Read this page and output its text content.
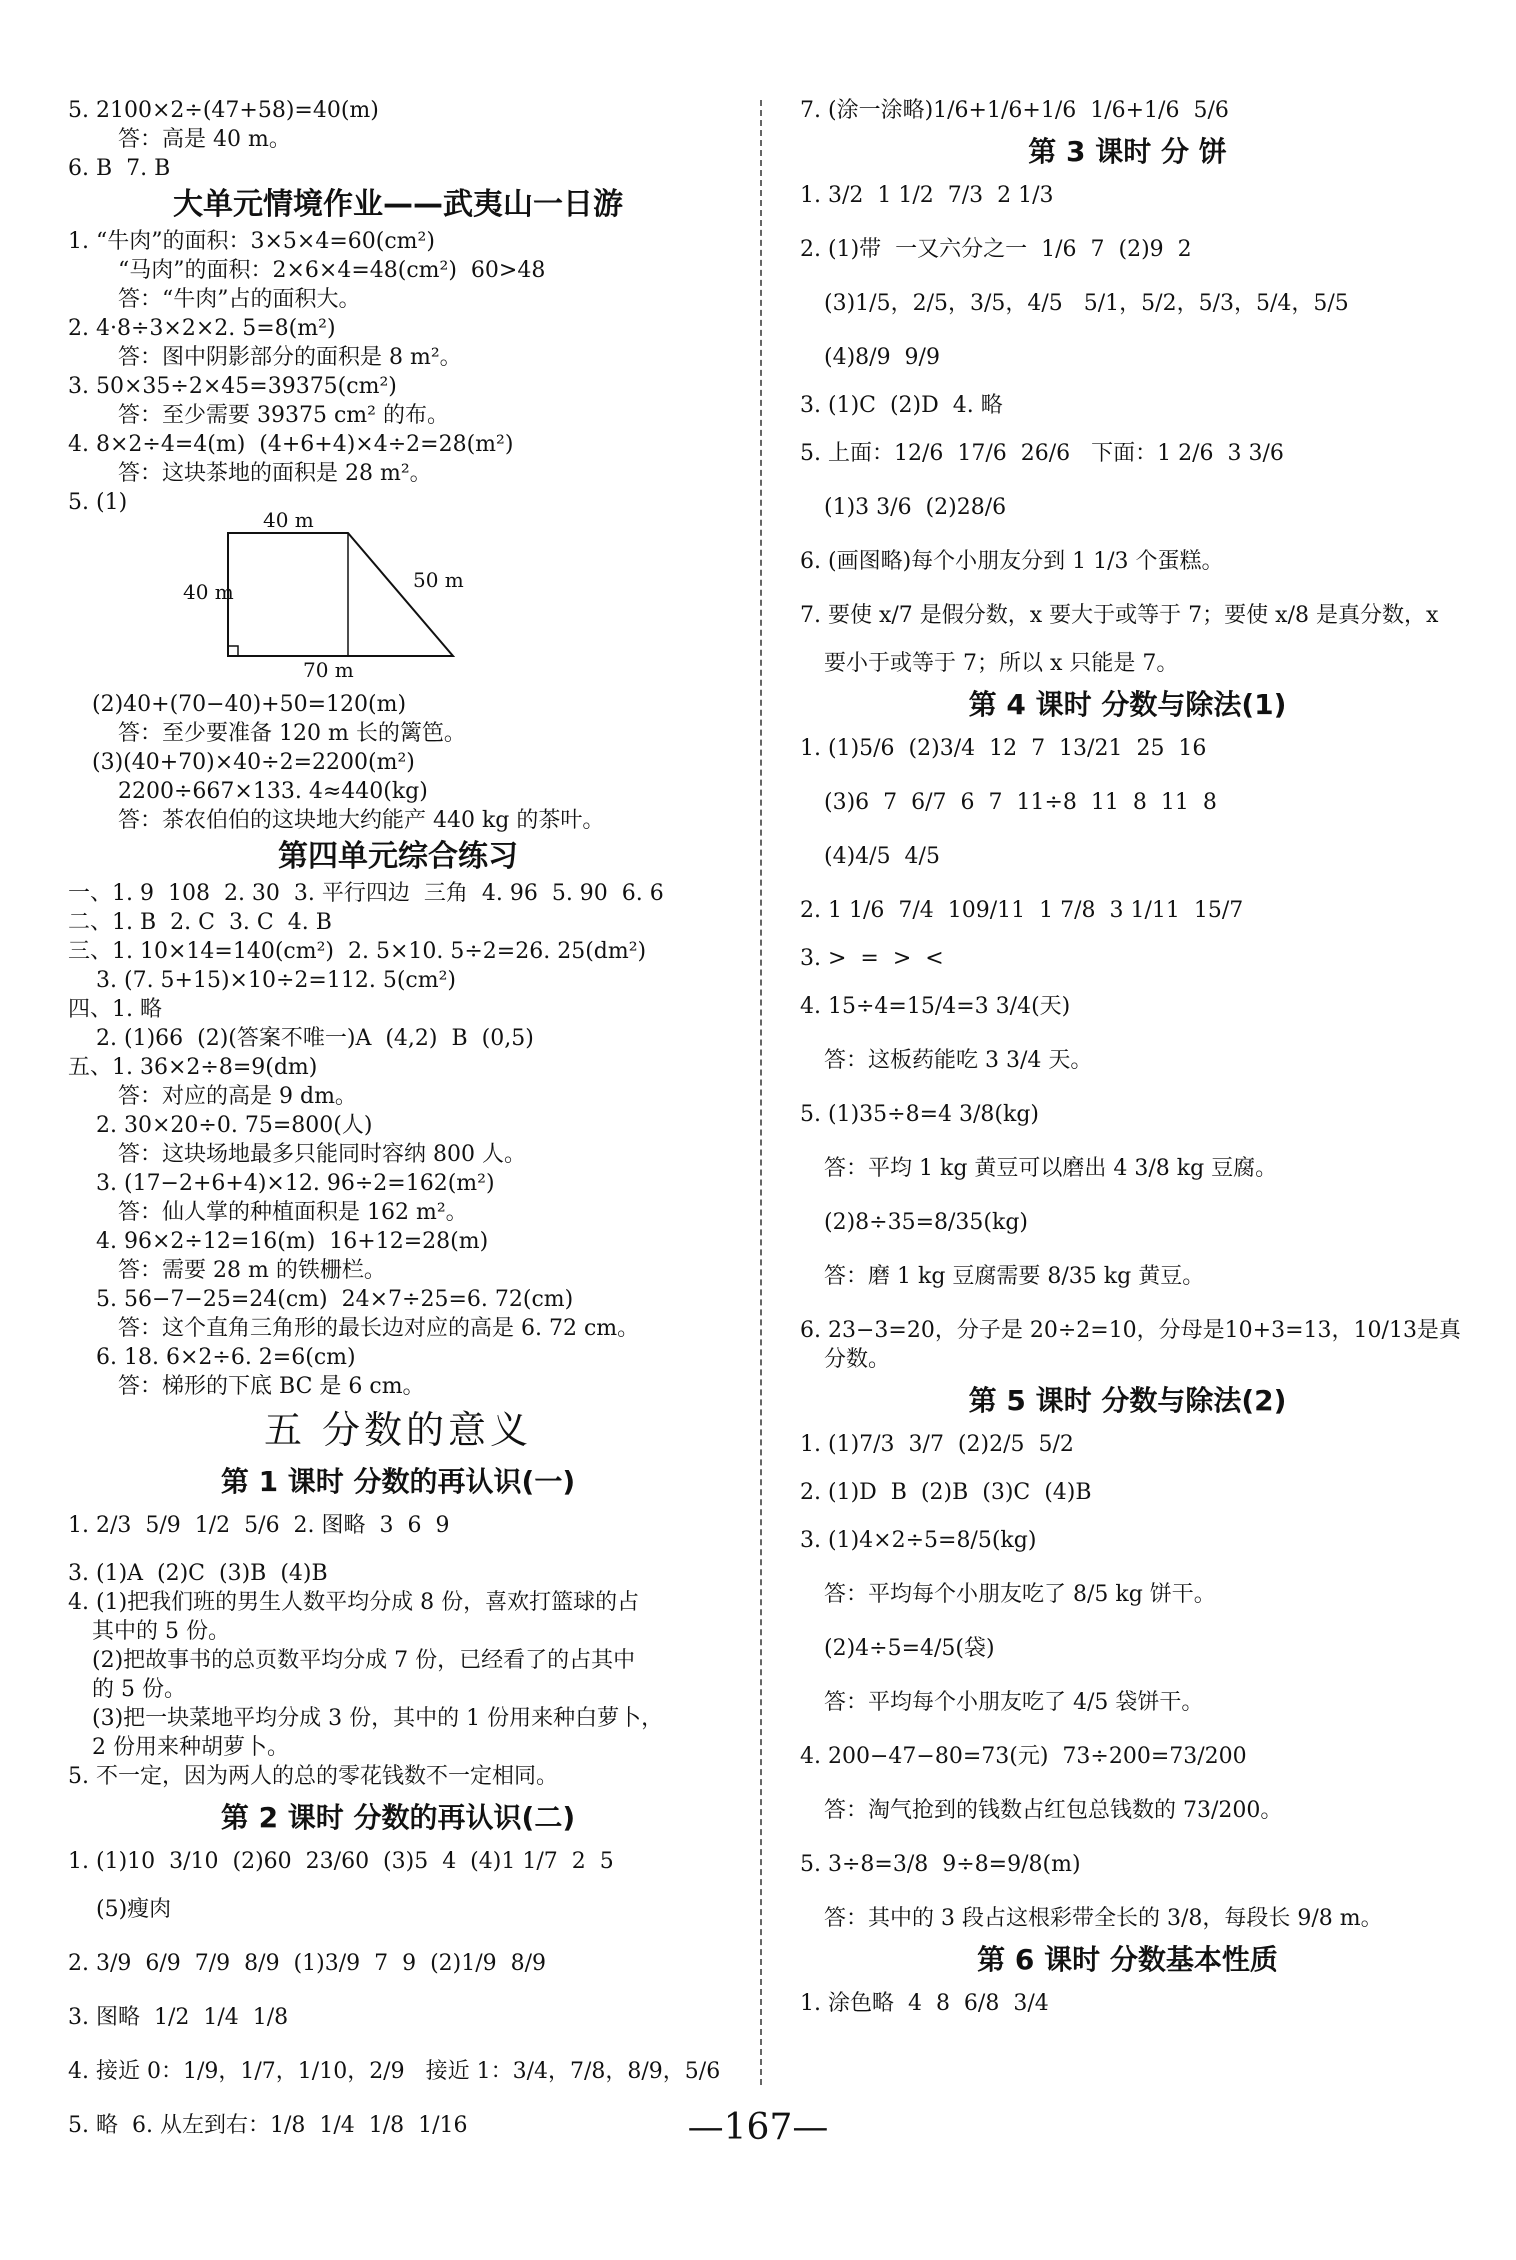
5. 2100×2÷(47+58)=40(m)
答：高是 40 m。
6. B  7. B
大单元情境作业——武夷山一日游
1. “牛肉”的面积：3×5×4=60(cm²)
“马肉”的面积：2×6×4=48(cm²)  60>48
答：“牛肉”占的面积大。
2. 4·8÷3×2×2. 5=8(m²)
答：图中阴影部分的面积是 8 m²。
3. 50×35÷2×45=39375(cm²)
答：至少需要 39375 cm² 的布。
4. 8×2÷4=4(m)  (4+6+4)×4÷2=28(m²)
答：这块茶地的面积是 28 m²。
5. (1)
40 m
40 m	50 m
70 m
(2)40+(70−40)+50=120(m)
答：至少要准备 120 m 长的篱笆。
(3)(40+70)×40÷2=2200(m²)
2200÷667×133. 4≈440(kg)
答：茶农伯伯的这块地大约能产 440 kg 的茶叶。
第四单元综合练习
一、1. 9  108  2. 30  3. 平行四边  三角  4. 96  5. 90  6. 6
二、1. B  2. C  3. C  4. B
三、1. 10×14=140(cm²)  2. 5×10. 5÷2=26. 25(dm²)
3. (7. 5+15)×10÷2=112. 5(cm²)
四、1. 略
2. (1)66  (2)(答案不唯一)A  (4,2)  B  (0,5)
五、1. 36×2÷8=9(dm)
答：对应的高是 9 dm。
2. 30×20÷0. 75=800(人)
答：这块场地最多只能同时容纳 800 人。
3. (17−2+6+4)×12. 96÷2=162(m²)
答：仙人掌的种植面积是 162 m²。
4. 96×2÷12=16(m)  16+12=28(m)
答：需要 28 m 的铁栅栏。
5. 56−7−25=24(cm)  24×7÷25=6. 72(cm)
答：这个直角三角形的最长边对应的高是 6. 72 cm。
6. 18. 6×2÷6. 2=6(cm)
答：梯形的下底 BC 是 6 cm。
五 分数的意义
第 1 课时 分数的再认识(一)
1. 2/3  5/9  1/2  5/6  2. 图略  3  6  9
3. (1)A  (2)C  (3)B  (4)B
4. (1)把我们班的男生人数平均分成 8 份，喜欢打篮球的占
其中的 5 份。
(2)把故事书的总页数平均分成 7 份，已经看了的占其中
的 5 份。
(3)把一块菜地平均分成 3 份，其中的 1 份用来种白萝卜，
2 份用来种胡萝卜。
5. 不一定，因为两人的总的零花钱数不一定相同。
第 2 课时 分数的再认识(二)
1. (1)10  3/10  (2)60  23/60  (3)5  4  (4)1 1/7  2  5
(5)瘦肉
2. 3/9  6/9  7/9  8/9  (1)3/9  7  9  (2)1/9  8/9
3. 图略  1/2  1/4  1/8
4. 接近 0：1/9，1/7，1/10，2/9   接近 1：3/4，7/8，8/9，5/6
5. 略  6. 从左到右：1/8  1/4  1/8  1/16
7. (涂一涂略)1/6+1/6+1/6  1/6+1/6  5/6
第 3 课时 分 饼
1. 3/2  1 1/2  7/3  2 1/3
2. (1)带  一又六分之一  1/6  7  (2)9  2
(3)1/5，2/5，3/5，4/5   5/1，5/2，5/3，5/4，5/5
(4)8/9  9/9
3. (1)C  (2)D  4. 略
5. 上面：12/6  17/6  26/6   下面：1 2/6  3 3/6
(1)3 3/6  (2)28/6
6. (画图略)每个小朋友分到 1 1/3 个蛋糕。
7. 要使 x/7 是假分数，x 要大于或等于 7；要使 x/8 是真分数，x
要小于或等于 7；所以 x 只能是 7。
第 4 课时 分数与除法(1)
1. (1)5/6  (2)3/4  12  7  13/21  25  16
(3)6  7  6/7  6  7  11÷8  11  8  11  8
(4)4/5  4/5
2. 1 1/6  7/4  109/11  1 7/8  3 1/11  15/7
3. >  =  >  <
4. 15÷4=15/4=3 3/4(天)
答：这板药能吃 3 3/4 天。
5. (1)35÷8=4 3/8(kg)
答：平均 1 kg 黄豆可以磨出 4 3/8 kg 豆腐。
(2)8÷35=8/35(kg)
答：磨 1 kg 豆腐需要 8/35 kg 黄豆。
6. 23−3=20，分子是 20÷2=10，分母是10+3=13，10/13是真
分数。
第 5 课时 分数与除法(2)
1. (1)7/3  3/7  (2)2/5  5/2
2. (1)D  B  (2)B  (3)C  (4)B
3. (1)4×2÷5=8/5(kg)
答：平均每个小朋友吃了 8/5 kg 饼干。
(2)4÷5=4/5(袋)
答：平均每个小朋友吃了 4/5 袋饼干。
4. 200−47−80=73(元)  73÷200=73/200
答：淘气抢到的钱数占红包总钱数的 73/200。
5. 3÷8=3/8  9÷8=9/8(m)
答：其中的 3 段占这根彩带全长的 3/8，每段长 9/8 m。
第 6 课时 分数基本性质
1. 涂色略  4  8  6/8  3/4
—167—
